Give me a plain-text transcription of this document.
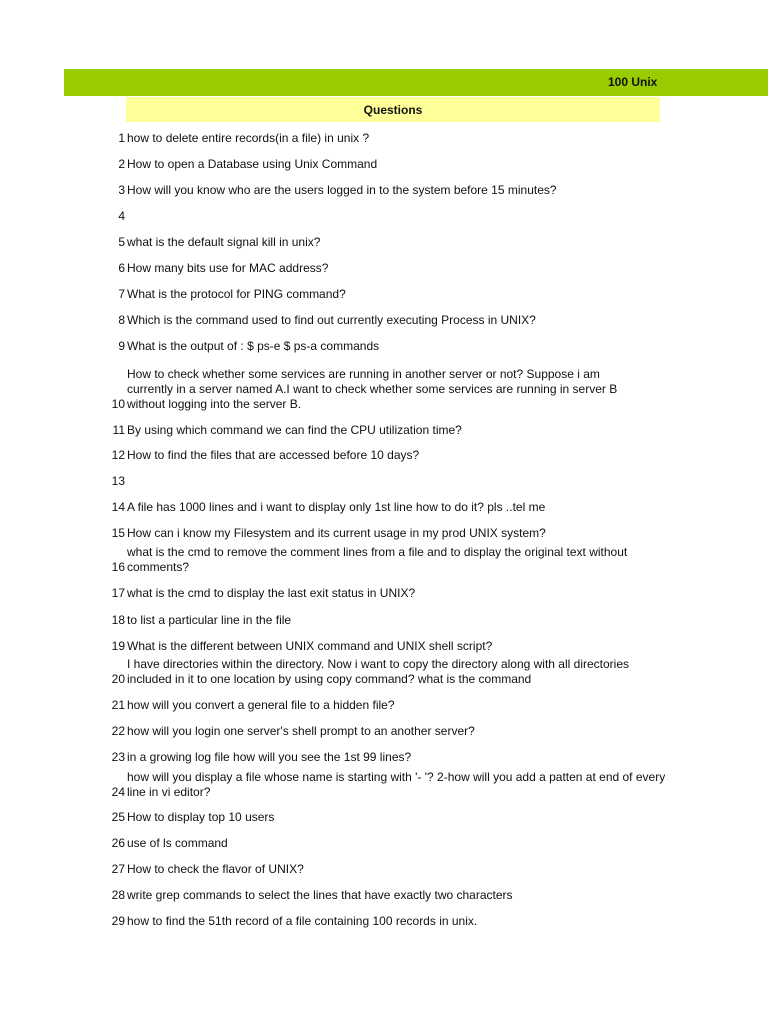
100 Unix
Questions
1 how to delete entire records(in a file) in unix ?
2 How to open a Database using Unix Command
3 How will you know who are the users logged in to the system before 15 minutes?
4
5 what is the default signal kill in unix?
6 How many bits use for MAC address?
7 What is the protocol for PING command?
8 Which is the command used to find out currently executing Process in UNIX?
9 What is the output of : $ ps-e $ ps-a commands
10
How to check whether some services are running in another server or not? Suppose i am currently in a server named A.I want to check whether some services are running in server B without logging into the server B.
11 By using which command we can find the CPU utilization time?
12 How to find the files that are accessed before 10 days?
13
14 A file has 1000 lines and i want to display only 1st line how to do it? pls ..tel me
15 How can i know my Filesystem and its current usage in my prod UNIX system?
16
what is the cmd to remove the comment lines from a file and to display the original text without comments?
17 what is the cmd to display the last exit status in UNIX?
18 to list a particular line in the file
19 What is the different between UNIX command and UNIX shell script?
20
I have directories within the directory. Now i want to copy the directory along with all directories included in it to one location by using copy command? what is the command
21 how will you convert a general file to a hidden file?
22 how will you login one server's shell prompt to an another server?
23 in a growing log file how will you see the 1st 99 lines?
24
how will you display a file whose name is starting with '- '? 2-how will you add a patten at end of every line in vi editor?
25 How to display top 10 users
26 use of ls command
27 How to check the flavor of UNIX?
28 write grep commands to select the lines that have exactly two characters
29 how to find the 51th record of a file containing 100 records in unix.
